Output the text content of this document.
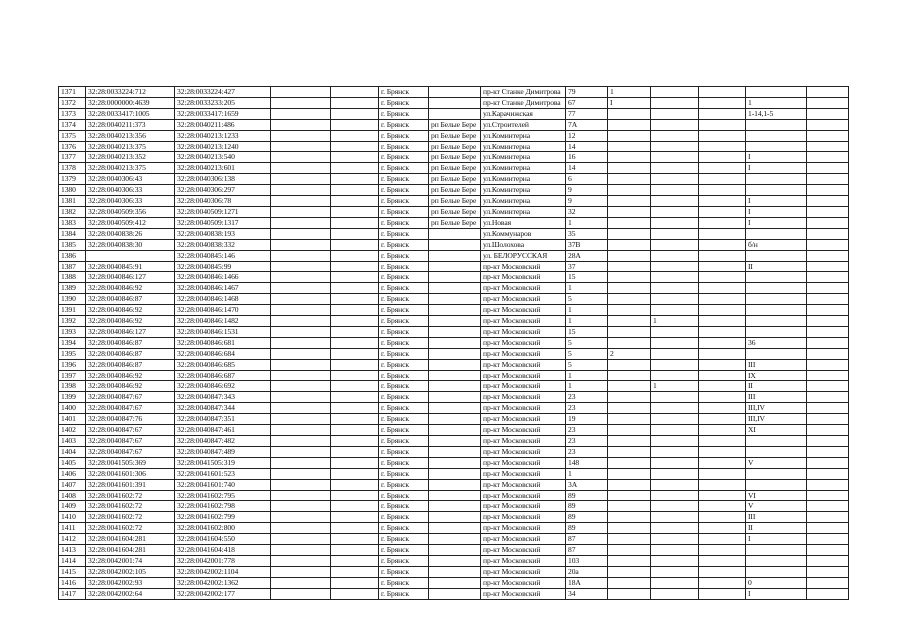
1371	32:28:0033224:712	32:28:0033224:427			г. Брянск		пр-кт Станке Димитрова	79	1				
1372	32:28:0000000:4639	32:28:0033233:205			г. Брянск		пр-кт Станке Димитрова	67	I			1	
1373	32:28:0033417:1005	32:28:0033417:1659			г. Брянск		ул.Карачижская	77				1-14,1-5	
1374	32:28:0040211:373	32:28:0040211:486			г. Брянск	рп Белые Бере	ул.Строителей	7А					
1375	32:28:0040213:356	32:28:0040213:1233			г. Брянск	рп Белые Бере	ул.Коминтерна	12					
1376	32:28:0040213:375	32:28:0040213:1240			г. Брянск	рп Белые Бере	ул.Коминтерна	14					
1377	32:28:0040213:352	32:28:0040213:540			г. Брянск	рп Белые Бере	ул.Коминтерна	16				I	
1378	32:28:0040213:375	32:28:0040213:601			г. Брянск	рп Белые Бере	ул.Коминтерна	14				I	
1379	32:28:0040306:43	32:28:0040306:138			г. Брянск	рп Белые Бере	ул.Коминтерна	6					
1380	32:28:0040306:33	32:28:0040306:297			г. Брянск	рп Белые Бере	ул.Коминтерна	9					
1381	32:28:0040306:33	32:28:0040306:78			г. Брянск	рп Белые Бере	ул.Коминтерна	9				I	
1382	32:28:0040509:356	32:28:0040509:1271			г. Брянск	рп Белые Бере	ул.Коминтерна	32				I	
1383	32:28:0040509:412	32:28:0040509:1317			г. Брянск	рп Белые Бере	ул.Новая	1				I	
1384	32:28:0040838:26	32:28:0040838:193			г. Брянск		ул.Коммунаров	35					
1385	32:28:0040838:30	32:28:0040838:332			г. Брянск		ул.Шолохова	37В				б/н	
1386		32:28:0040845:146			г. Брянск		ул. БЕЛОРУССКАЯ	28А					
1387	32:28:0040845:91	32:28:0040845:99			г. Брянск		пр-кт Московский	37				II	
1388	32:28:0040846:127	32:28:0040846:1466			г. Брянск		пр-кт Московский	15					
1389	32:28:0040846:92	32:28:0040846:1467			г. Брянск		пр-кт Московский	1					
1390	32:28:0040846:87	32:28:0040846:1468			г. Брянск		пр-кт Московский	5					
1391	32:28:0040846:92	32:28:0040846:1470			г. Брянск		пр-кт Московский	1					
1392	32:28:0040846:92	32:28:0040846:1482			г. Брянск		пр-кт Московский	1		1			
1393	32:28:0040846:127	32:28:0040846:1531			г. Брянск		пр-кт Московский	15					
1394	32:28:0040846:87	32:28:0040846:681			г. Брянск		пр-кт Московский	5				36	
1395	32:28:0040846:87	32:28:0040846:684			г. Брянск		пр-кт Московский	5	2				
1396	32:28:0040846:87	32:28:0040846:685			г. Брянск		пр-кт Московский	5				III	
1397	32:28:0040846:92	32:28:0040846:687			г. Брянск		пр-кт Московский	1				IX	
1398	32:28:0040846:92	32:28:0040846:692			г. Брянск		пр-кт Московский	1		1		II	
1399	32:28:0040847:67	32:28:0040847:343			г. Брянск		пр-кт Московский	23				III	
1400	32:28:0040847:67	32:28:0040847:344			г. Брянск		пр-кт Московский	23				III,IV	
1401	32:28:0040847:76	32:28:0040847:351			г. Брянск		пр-кт Московский	19				III,IV	
1402	32:28:0040847:67	32:28:0040847:461			г. Брянск		пр-кт Московский	23				XI	
1403	32:28:0040847:67	32:28:0040847:482			г. Брянск		пр-кт Московский	23					
1404	32:28:0040847:67	32:28:0040847:489			г. Брянск		пр-кт Московский	23					
1405	32:28:0041505:369	32:28:0041505:319			г. Брянск		пр-кт Московский	148				V	
1406	32:28:0041601:306	32:28:0041601:523			г. Брянск		пр-кт Московский	1					
1407	32:28:0041601:391	32:28:0041601:740			г. Брянск		пр-кт Московский	3А					
1408	32:28:0041602:72	32:28:0041602:795			г. Брянск		пр-кт Московский	89				VI	
1409	32:28:0041602:72	32:28:0041602:798			г. Брянск		пр-кт Московский	89				V	
1410	32:28:0041602:72	32:28:0041602:799			г. Брянск		пр-кт Московский	89				III	
1411	32:28:0041602:72	32:28:0041602:800			г. Брянск		пр-кт Московский	89				II	
1412	32:28:0041604:281	32:28:0041604:550			г. Брянск		пр-кт Московский	87				I	
1413	32:28:0041604:281	32:28:0041604:418			г. Брянск		пр-кт Московский	87					
1414	32:28:0042001:74	32:28:0042001:778			г. Брянск		пр-кт Московский	103					
1415	32:28:0042002:105	32:28:0042002:1104			г. Брянск		пр-кт Московский	20а					
1416	32:28:0042002:93	32:28:0042002:1362			г. Брянск		пр-кт Московский	18А				0	
1417	32:28:0042002:64	32:28:0042002:177			г. Брянск		пр-кт Московский	34				I	
